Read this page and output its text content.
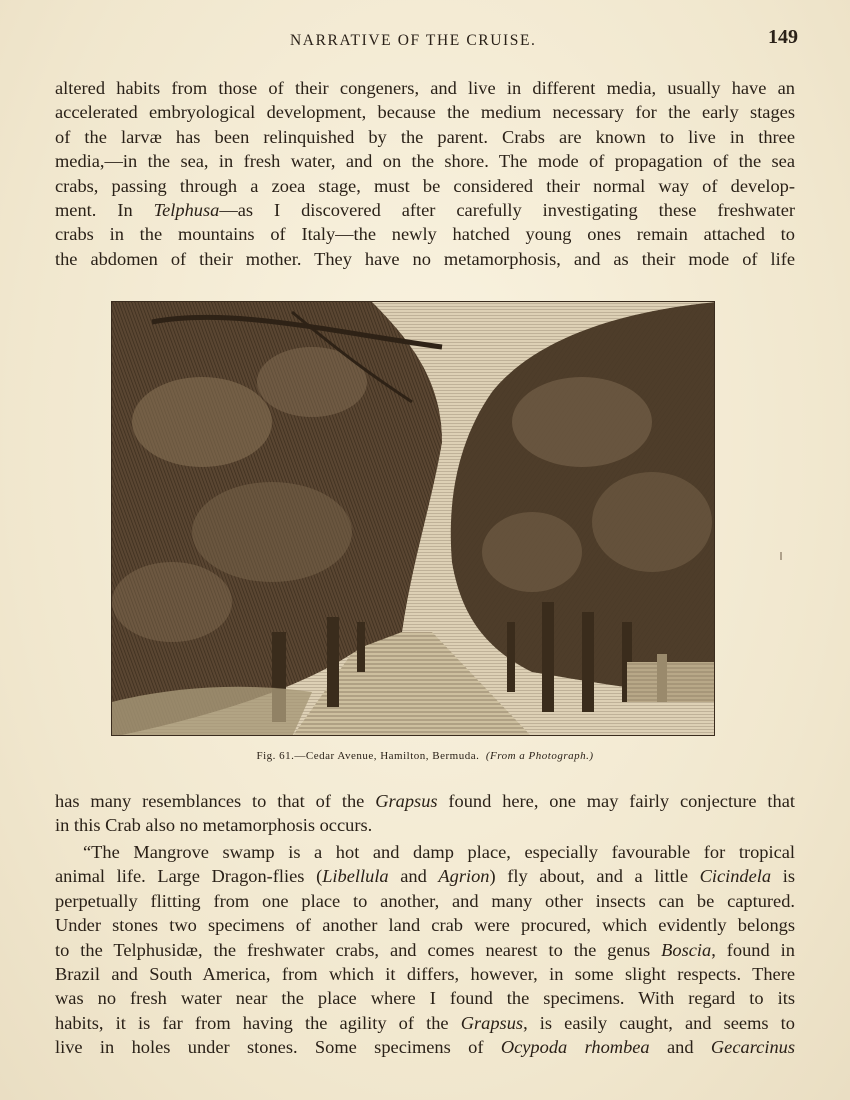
NARRATIVE OF THE CRUISE.	149
altered habits from those of their congeners, and live in different media, usually have an
accelerated embryological development, because the medium necessary for the early stages
of the larvæ has been relinquished by the parent. Crabs are known to live in three
media,—in the sea, in fresh water, and on the shore. The mode of propagation of the sea
crabs, passing through a zoea stage, must be considered their normal way of develop-
ment. In Telphusa—as I discovered after carefully investigating these freshwater
crabs in the mountains of Italy—the newly hatched young ones remain attached to
the abdomen of their mother. They have no metamorphosis, and as their mode of life
Fig. 61.—Cedar Avenue, Hamilton, Bermuda. (From a Photograph.)
has many resemblances to that of the Grapsus found here, one may fairly conjecture that
in this Crab also no metamorphosis occurs.
“The Mangrove swamp is a hot and damp place, especially favourable for tropical
animal life. Large Dragon-flies (Libellula and Agrion) fly about, and a little Cicindela is
perpetually flitting from one place to another, and many other insects can be captured.
Under stones two specimens of another land crab were procured, which evidently belongs
to the Telphusidæ, the freshwater crabs, and comes nearest to the genus Boscia, found in
Brazil and South America, from which it differs, however, in some slight respects. There
was no fresh water near the place where I found the specimens. With regard to its
habits, it is far from having the agility of the Grapsus, is easily caught, and seems to
live in holes under stones. Some specimens of Ocypoda rhombea and Gecarcinus
